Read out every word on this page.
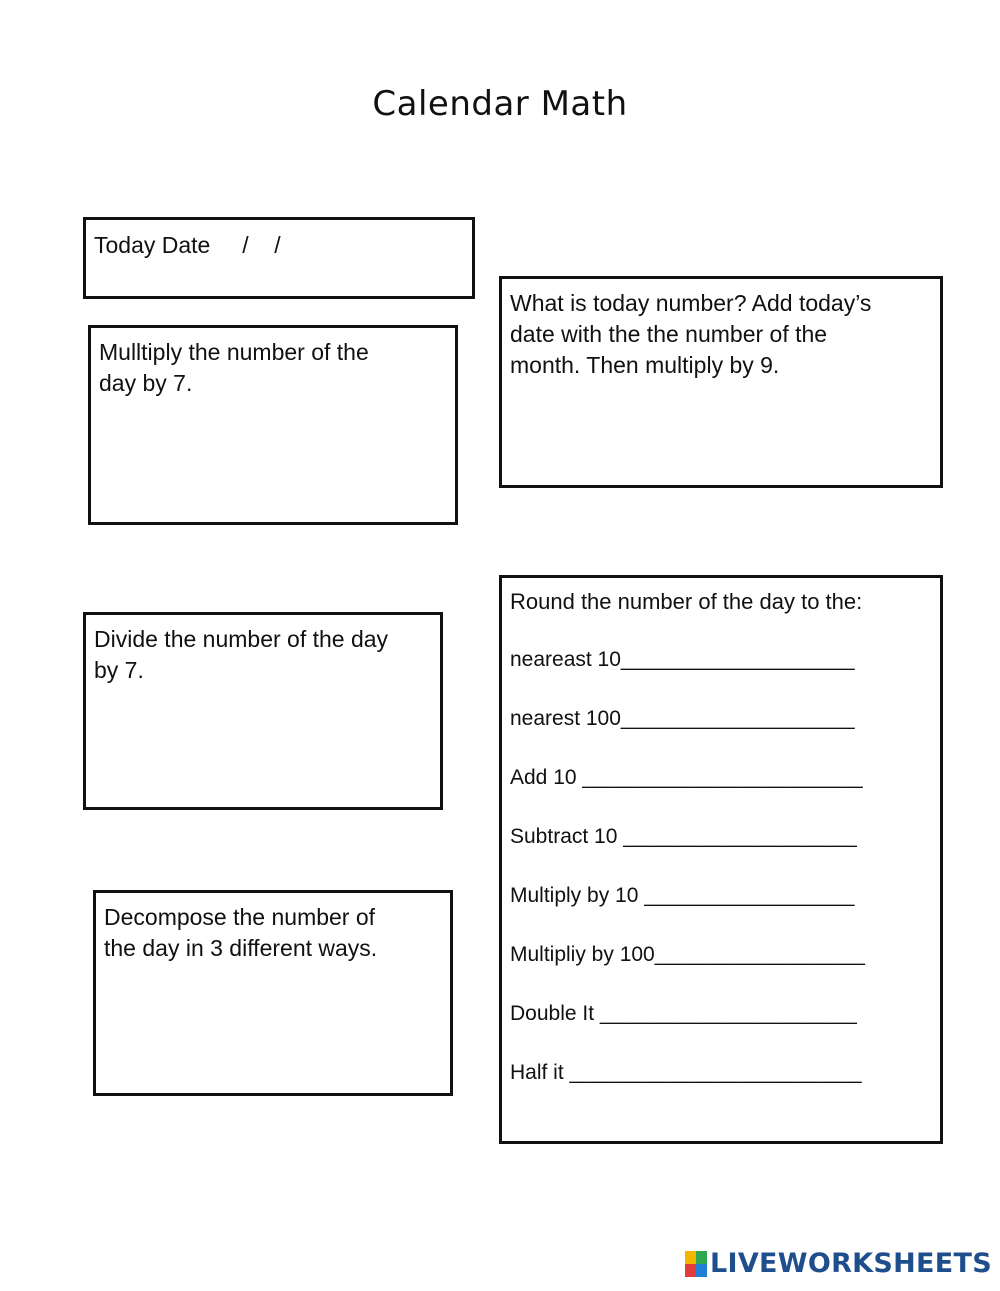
Calendar Math
Today Date     /    /
Mulltiply the number of the
day by 7.
What is today number? Add today’s
date with the the number of the
month. Then multiply by 9.
Divide the number of the day
by 7.
Decompose the number of
the day in 3 different ways.
Round the number of the day to the:
neareast 10____________________
nearest 100____________________
Add 10 ________________________
Subtract 10 ____________________
Multiply by 10 __________________
Multipliy by 100__________________
Double It ______________________
Half it _________________________
LIVEWORKSHEETS
